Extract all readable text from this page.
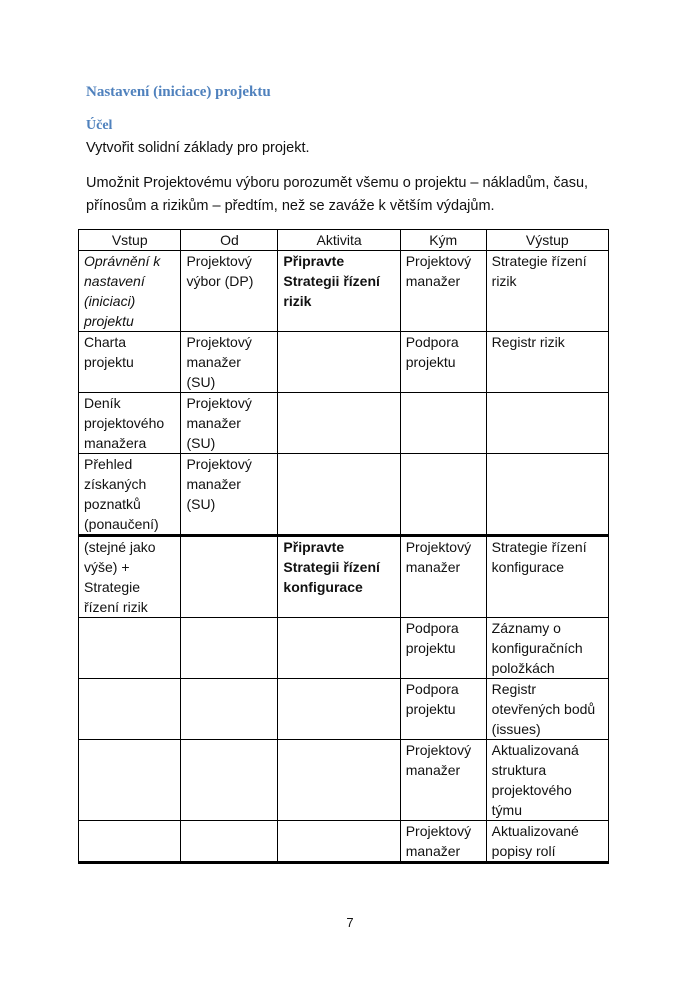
Nastavení (iniciace) projektu
Účel
Vytvořit solidní základy pro projekt.
Umožnit Projektovému výboru porozumět všemu o projektu – nákladům, času, přínosům a rizikům – předtím, než se zaváže k větším výdajům.
Vstup	Od	Aktivita	Kým	Výstup
Oprávnění k nastavení (iniciaci) projektu	Projektový výbor (DP)	Připravte Strategii řízení rizik	Projektový manažer	Strategie řízení rizik
Charta projektu	Projektový manažer (SU)		Podpora projektu	Registr rizik
Deník projektového manažera	Projektový manažer (SU)			
Přehled získaných poznatků (ponaučení)	Projektový manažer (SU)			
(stejné jako výše) + Strategie řízení rizik		Připravte Strategii řízení konfigurace	Projektový manažer	Strategie řízení konfigurace
			Podpora projektu	Záznamy o konfiguračních položkách
			Podpora projektu	Registr otevřených bodů (issues)
			Projektový manažer	Aktualizovaná struktura projektového týmu
			Projektový manažer	Aktualizované popisy rolí
7
